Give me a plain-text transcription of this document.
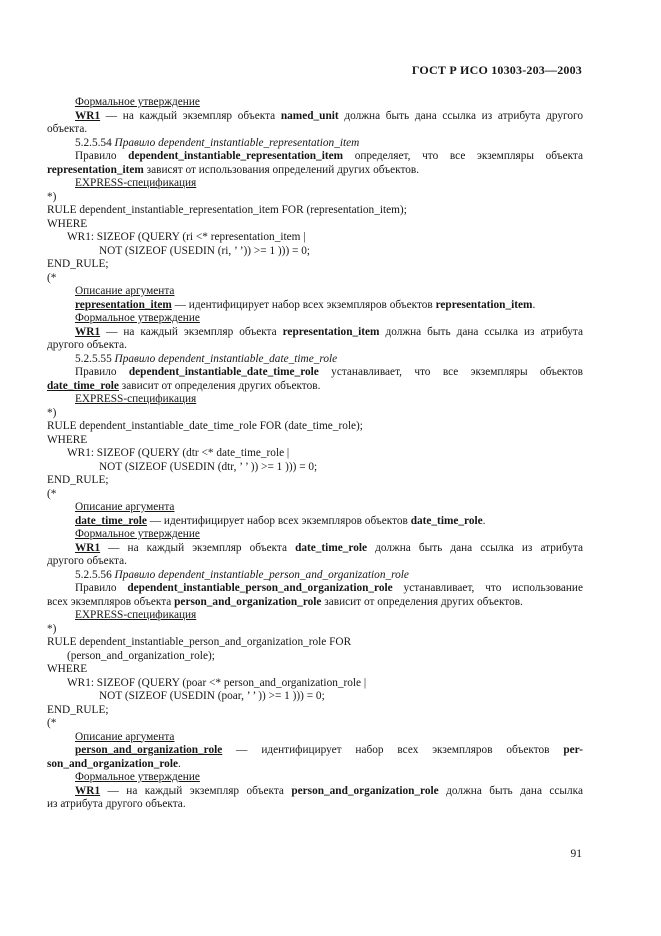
ГОСТ Р ИСО 10303-203—2003
Формальное утверждение
WR1 — на каждый экземпляр объекта named_unit должна быть дана ссылка из атрибута другого
объекта.
5.2.5.54 Правило dependent_instantiable_representation_item
Правило dependent_instantiable_representation_item определяет, что все экземпляры объекта
representation_item зависят от использования определений других объектов.
EXPRESS-спецификация
*)
RULE dependent_instantiable_representation_item FOR (representation_item);
WHERE
WR1: SIZEOF (QUERY (ri <* representation_item |
NOT (SIZEOF (USEDIN (ri, ’ ’)) >= 1 ))) = 0;
END_RULE;
(*
Описание аргумента
representation_item — идентифицирует набор всех экземпляров объектов representation_item.
Формальное утверждение
WR1 — на каждый экземпляр объекта representation_item должна быть дана ссылка из атрибута
другого объекта.
5.2.5.55 Правило dependent_instantiable_date_time_role
Правило dependent_instantiable_date_time_role устанавливает, что все экземпляры объектов
date_time_role зависит от определения других объектов.
EXPRESS-спецификация
*)
RULE dependent_instantiable_date_time_role FOR (date_time_role);
WHERE
WR1: SIZEOF (QUERY (dtr <* date_time_role |
NOT (SIZEOF (USEDIN (dtr, ’ ’ )) >= 1 ))) = 0;
END_RULE;
(*
Описание аргумента
date_time_role — идентифицирует набор всех экземпляров объектов date_time_role.
Формальное утверждение
WR1 — на каждый экземпляр объекта date_time_role должна быть дана ссылка из атрибута
другого объекта.
5.2.5.56 Правило dependent_instantiable_person_and_organization_role
Правило dependent_instantiable_person_and_organization_role устанавливает, что использование
всех экземпляров объекта person_and_organization_role зависит от определения других объектов.
EXPRESS-спецификация
*)
RULE dependent_instantiable_person_and_organization_role FOR
(person_and_organization_role);
WHERE
WR1: SIZEOF (QUERY (poar <* person_and_organization_role |
NOT (SIZEOF (USEDIN (poar, ’ ’ )) >= 1 ))) = 0;
END_RULE;
(*
Описание аргумента
person_and_organization_role — идентифицирует набор всех экземпляров объектов per-
son_and_organization_role.
Формальное утверждение
WR1 — на каждый экземпляр объекта person_and_organization_role должна быть дана ссылка
из атрибута другого объекта.
91
